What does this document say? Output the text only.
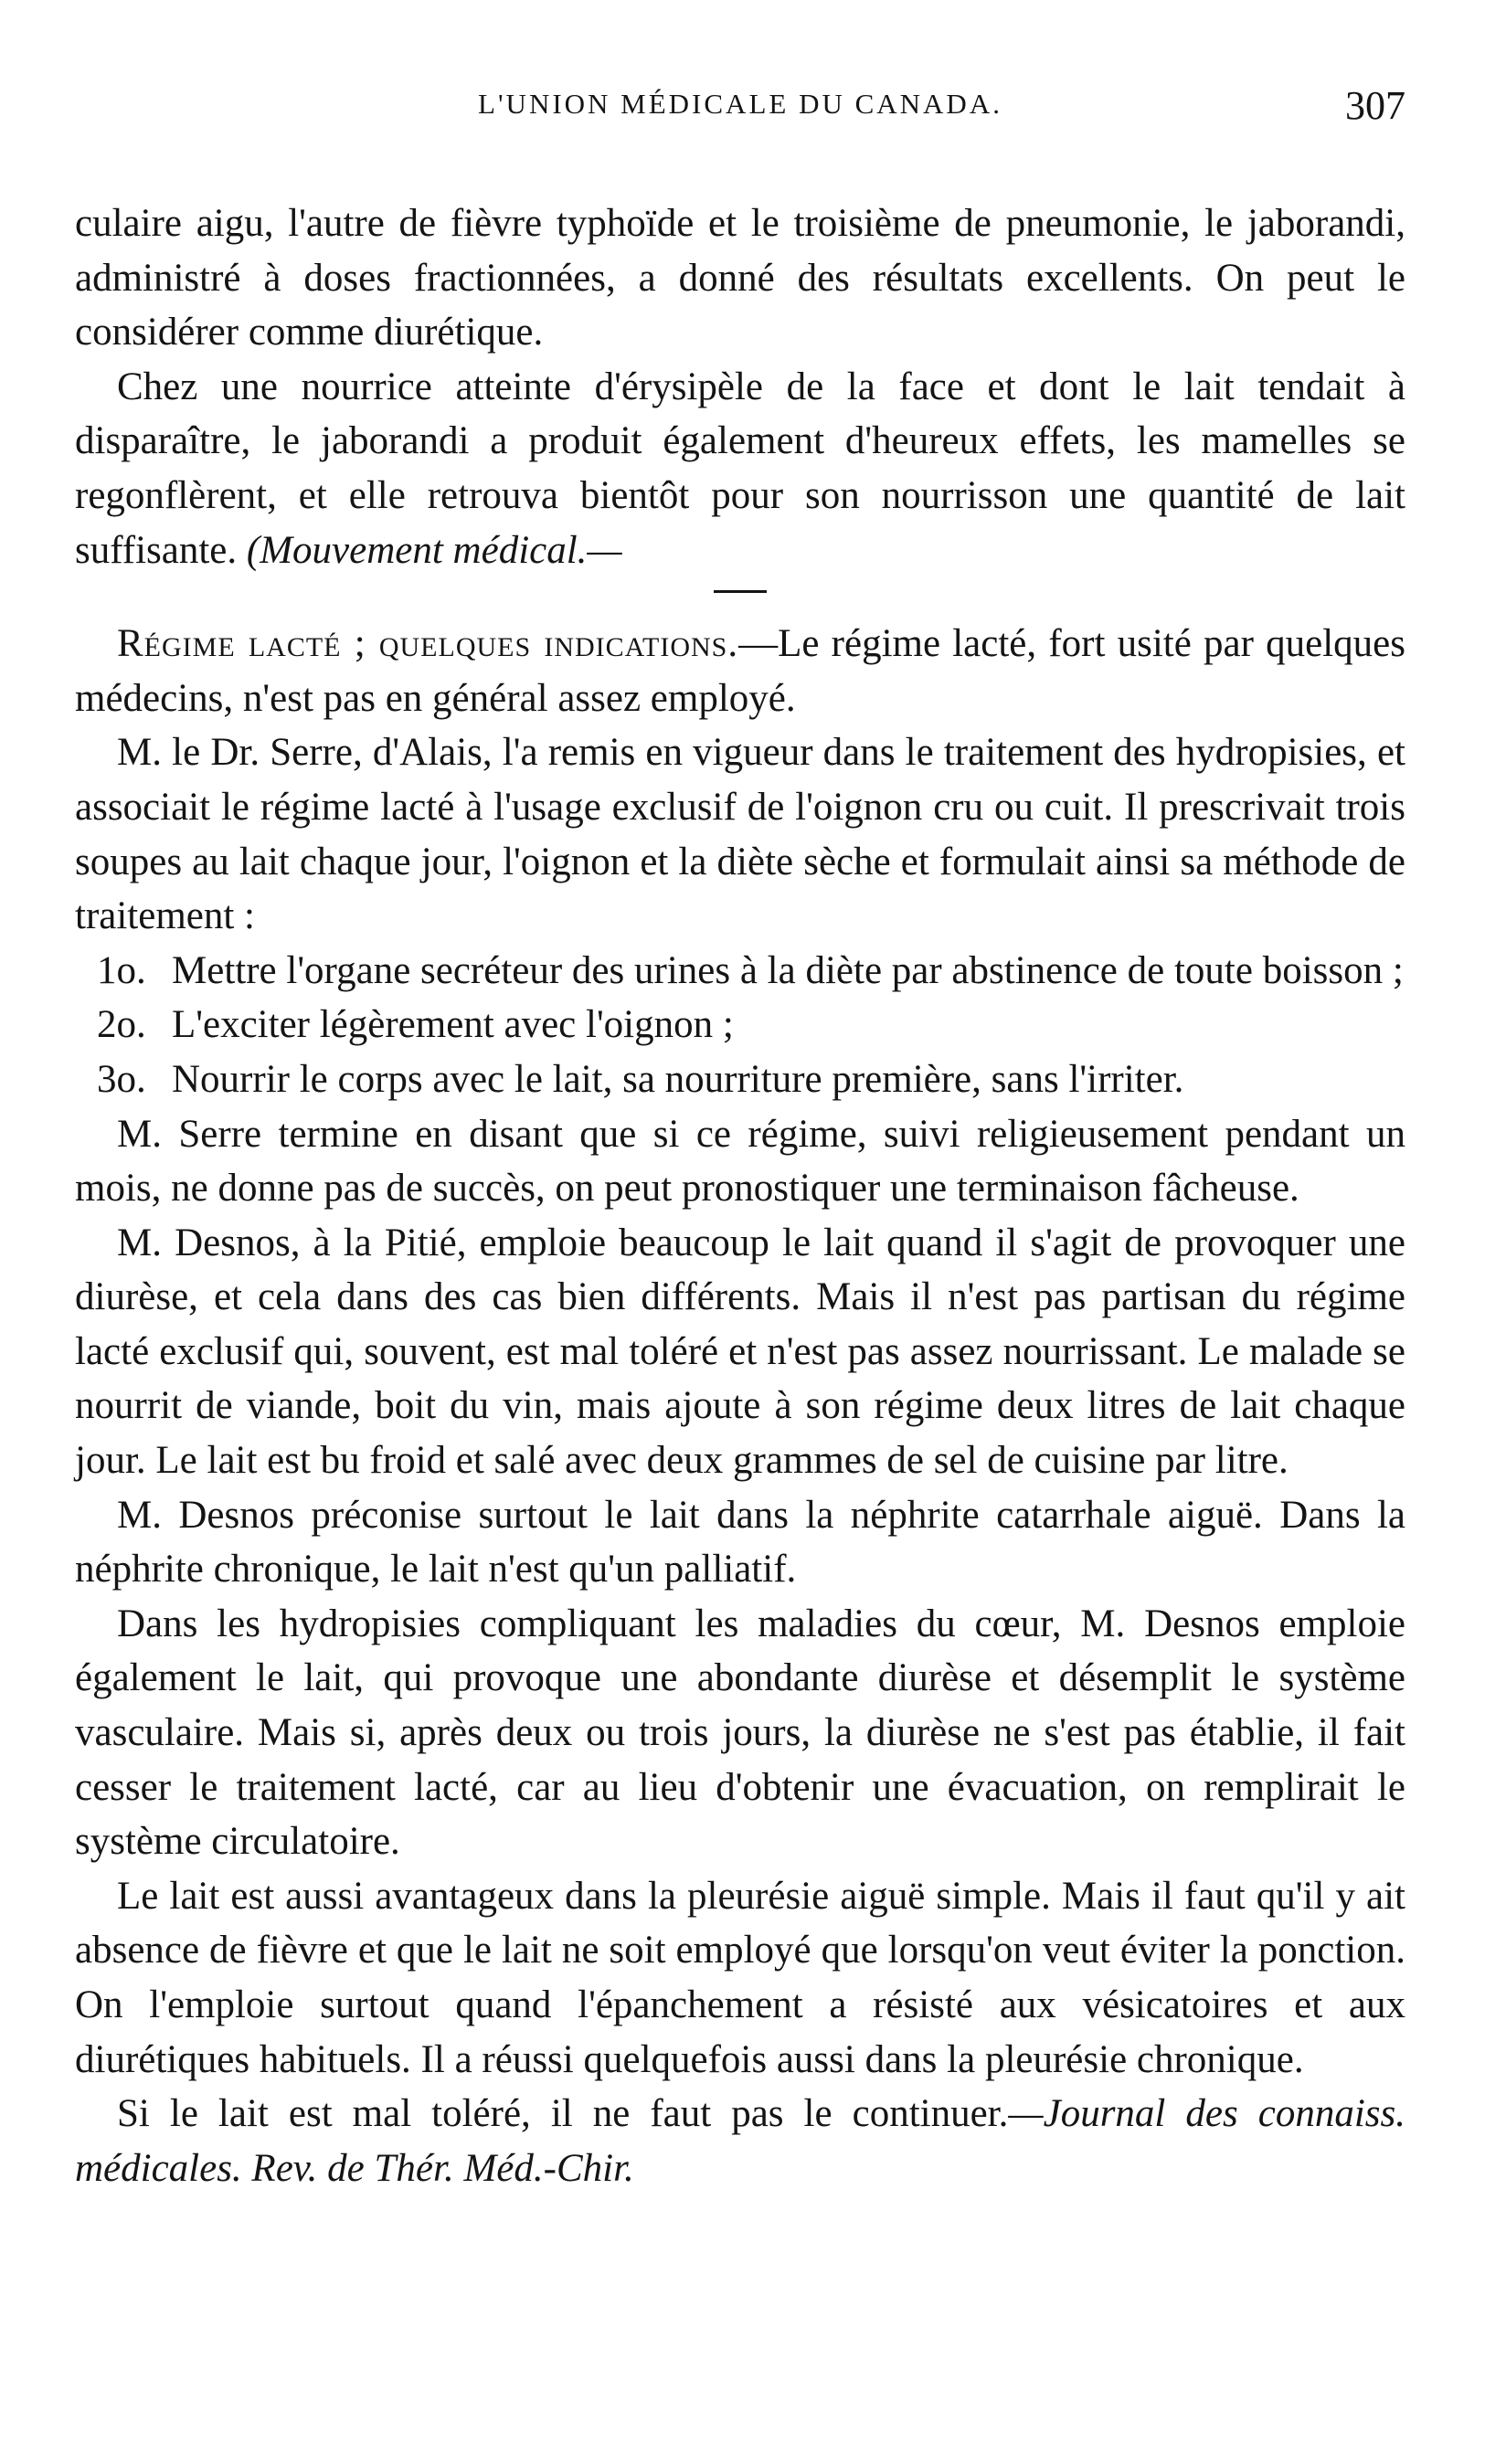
L'UNION MÉDICALE DU CANADA.	307

culaire aigu, l'autre de fièvre typhoïde et le troisième de pneumonie, le jaborandi, administré à doses fractionnées, a donné des résultats excellents. On peut le considérer comme diurétique.

Chez une nourrice atteinte d'érysipèle de la face et dont le lait tendait à disparaître, le jaborandi a produit également d'heureux effets, les mamelles se regonflèrent, et elle retrouva bientôt pour son nourrisson une quantité de lait suffisante. (Mouvement médical.—

Régime lacté ; quelques indications.—Le régime lacté, fort usité par quelques médecins, n'est pas en général assez employé.

M. le Dr. Serre, d'Alais, l'a remis en vigueur dans le traitement des hydropisies, et associait le régime lacté à l'usage exclusif de l'oignon cru ou cuit. Il prescrivait trois soupes au lait chaque jour, l'oignon et la diète sèche et formulait ainsi sa méthode de traitement :

1o. Mettre l'organe secréteur des urines à la diète par abstinence de toute boisson ;

2o. L'exciter légèrement avec l'oignon ;

3o. Nourrir le corps avec le lait, sa nourriture première, sans l'irriter.

M. Serre termine en disant que si ce régime, suivi religieusement pendant un mois, ne donne pas de succès, on peut pronostiquer une terminaison fâcheuse.

M. Desnos, à la Pitié, emploie beaucoup le lait quand il s'agit de provoquer une diurèse, et cela dans des cas bien différents. Mais il n'est pas partisan du régime lacté exclusif qui, souvent, est mal toléré et n'est pas assez nourrissant. Le malade se nourrit de viande, boit du vin, mais ajoute à son régime deux litres de lait chaque jour. Le lait est bu froid et salé avec deux grammes de sel de cuisine par litre.

M. Desnos préconise surtout le lait dans la néphrite catarrhale aiguë. Dans la néphrite chronique, le lait n'est qu'un palliatif.

Dans les hydropisies compliquant les maladies du cœur, M. Desnos emploie également le lait, qui provoque une abondante diurèse et désemplit le système vasculaire. Mais si, après deux ou trois jours, la diurèse ne s'est pas établie, il fait cesser le traitement lacté, car au lieu d'obtenir une évacuation, on remplirait le système circulatoire.

Le lait est aussi avantageux dans la pleurésie aiguë simple. Mais il faut qu'il y ait absence de fièvre et que le lait ne soit employé que lorsqu'on veut éviter la ponction. On l'emploie surtout quand l'épanchement a résisté aux vésicatoires et aux diurétiques habituels. Il a réussi quelquefois aussi dans la pleurésie chronique.

Si le lait est mal toléré, il ne faut pas le continuer.—Journal des connaiss. médicales. Rev. de Thér. Méd.-Chir.
